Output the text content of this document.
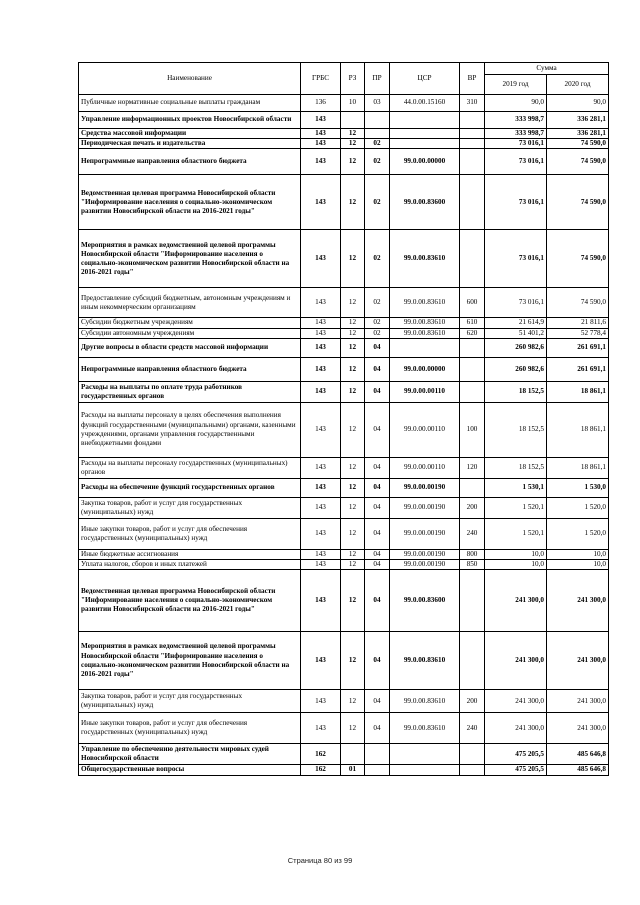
Наименование	ГРБС	РЗ	ПР	ЦСР	ВР	Сумма	
						2019 год	2020 год
Публичные нормативные социальные выплаты гражданам	136	10	03	44.0.00.15160	310	90,0	90,0
Управление информационных проектов Новосибирской области	143					333 998,7	336 281,1
Средства массовой информации	143	12				333 998,7	336 281,1
Периодическая печать и издательства	143	12	02			73 016,1	74 590,0
Непрограммные направления областного бюджета	143	12	02	99.0.00.00000		73 016,1	74 590,0
Ведомственная целевая программа Новосибирской области "Информирование населения о социально-экономическом развитии Новосибирской области на 2016-2021 годы"	143	12	02	99.0.00.83600		73 016,1	74 590,0
Мероприятия в рамках ведомственной целевой программы Новосибирской области "Информирование населения о социально-экономическом развитии Новосибирской области на 2016-2021 годы"	143	12	02	99.0.00.83610		73 016,1	74 590,0
Предоставление субсидий бюджетным, автономным учреждениям и иным некоммерческим организациям	143	12	02	99.0.00.83610	600	73 016,1	74 590,0
Субсидии бюджетным учреждениям	143	12	02	99.0.00.83610	610	21 614,9	21 811,6
Субсидии автономным учреждениям	143	12	02	99.0.00.83610	620	51 401,2	52 778,4
Другие вопросы в области средств массовой информации	143	12	04			260 982,6	261 691,1
Непрограммные направления областного бюджета	143	12	04	99.0.00.00000		260 982,6	261 691,1
Расходы на выплаты по оплате труда работников государственных органов	143	12	04	99.0.00.00110		18 152,5	18 861,1
Расходы на выплаты персоналу в целях обеспечения выполнения функций государственными (муниципальными) органами, казенными учреждениями, органами управления государственными внебюджетными фондами	143	12	04	99.0.00.00110	100	18 152,5	18 861,1
Расходы на выплаты персоналу государственных (муниципальных) органов	143	12	04	99.0.00.00110	120	18 152,5	18 861,1
Расходы на обеспечение функций государственных органов	143	12	04	99.0.00.00190		1 530,1	1 530,0
Закупка товаров, работ и услуг для государственных (муниципальных) нужд	143	12	04	99.0.00.00190	200	1 520,1	1 520,0
Иные закупки товаров, работ и услуг для обеспечения государственных (муниципальных) нужд	143	12	04	99.0.00.00190	240	1 520,1	1 520,0
Иные бюджетные ассигнования	143	12	04	99.0.00.00190	800	10,0	10,0
Уплата налогов, сборов и иных платежей	143	12	04	99.0.00.00190	850	10,0	10,0
Ведомственная целевая программа Новосибирской области "Информирование населения о социально-экономическом развитии Новосибирской области на 2016-2021 годы"	143	12	04	99.0.00.83600		241 300,0	241 300,0
Мероприятия в рамках ведомственной целевой программы Новосибирской области "Информирование населения о социально-экономическом развитии Новосибирской области на 2016-2021 годы"	143	12	04	99.0.00.83610		241 300,0	241 300,0
Закупка товаров, работ и услуг для государственных (муниципальных) нужд	143	12	04	99.0.00.83610	200	241 300,0	241 300,0
Иные закупки товаров, работ и услуг для обеспечения государственных (муниципальных) нужд	143	12	04	99.0.00.83610	240	241 300,0	241 300,0
Управление по обеспечению деятельности мировых судей Новосибирской области	162					475 205,5	485 646,8
Общегосударственные вопросы	162	01				475 205,5	485 646,8
Страница 80 из 99
